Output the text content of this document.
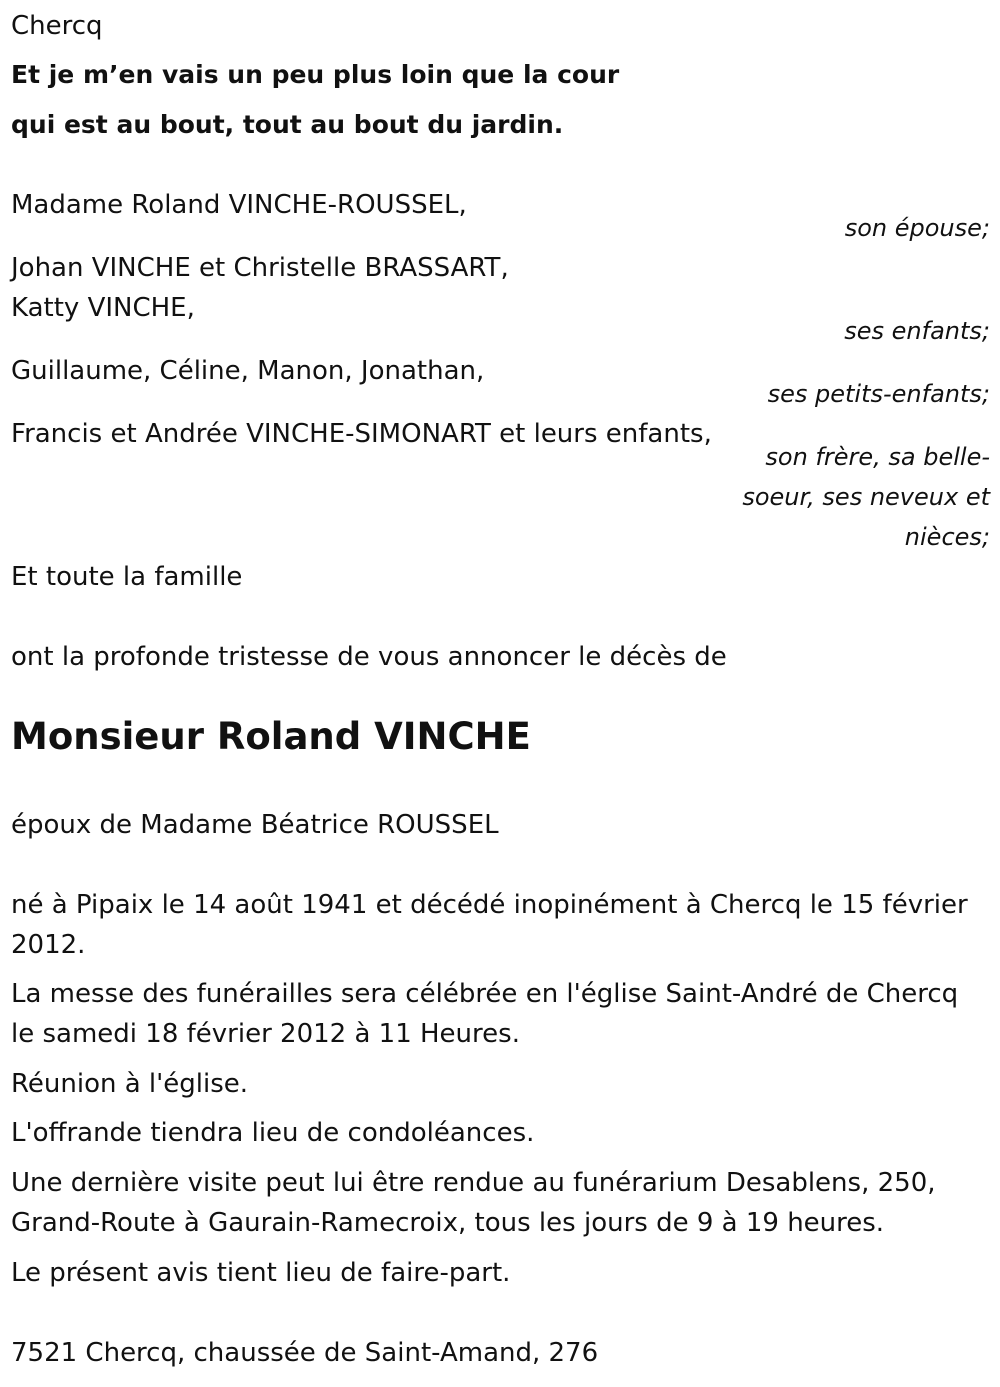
Chercq
Et je m’en vais un peu plus loin que la cour
qui est au bout, tout au bout du jardin.
Madame Roland VINCHE-ROUSSEL,
son épouse;
Johan VINCHE et Christelle BRASSART,
Katty VINCHE,
ses enfants;
Guillaume, Céline, Manon, Jonathan,
ses petits-enfants;
Francis et Andrée VINCHE-SIMONART et leurs enfants,
son frère, sa belle-soeur, ses neveux et nièces;
Et toute la famille
ont la profonde tristesse de vous annoncer le décès de
Monsieur Roland VINCHE
époux de Madame Béatrice ROUSSEL
né à Pipaix le 14 août 1941 et décédé inopinément à Chercq le 15 février 2012.
La messe des funérailles sera célébrée en l'église Saint-André de Chercq le samedi 18 février 2012 à 11 Heures.
Réunion à l'église.
L'offrande tiendra lieu de condoléances.
Une dernière visite peut lui être rendue au funérarium Desablens, 250, Grand-Route à Gaurain-Ramecroix, tous les jours de 9 à 19 heures.
Le présent avis tient lieu de faire-part.
7521 Chercq, chaussée de Saint-Amand, 276
